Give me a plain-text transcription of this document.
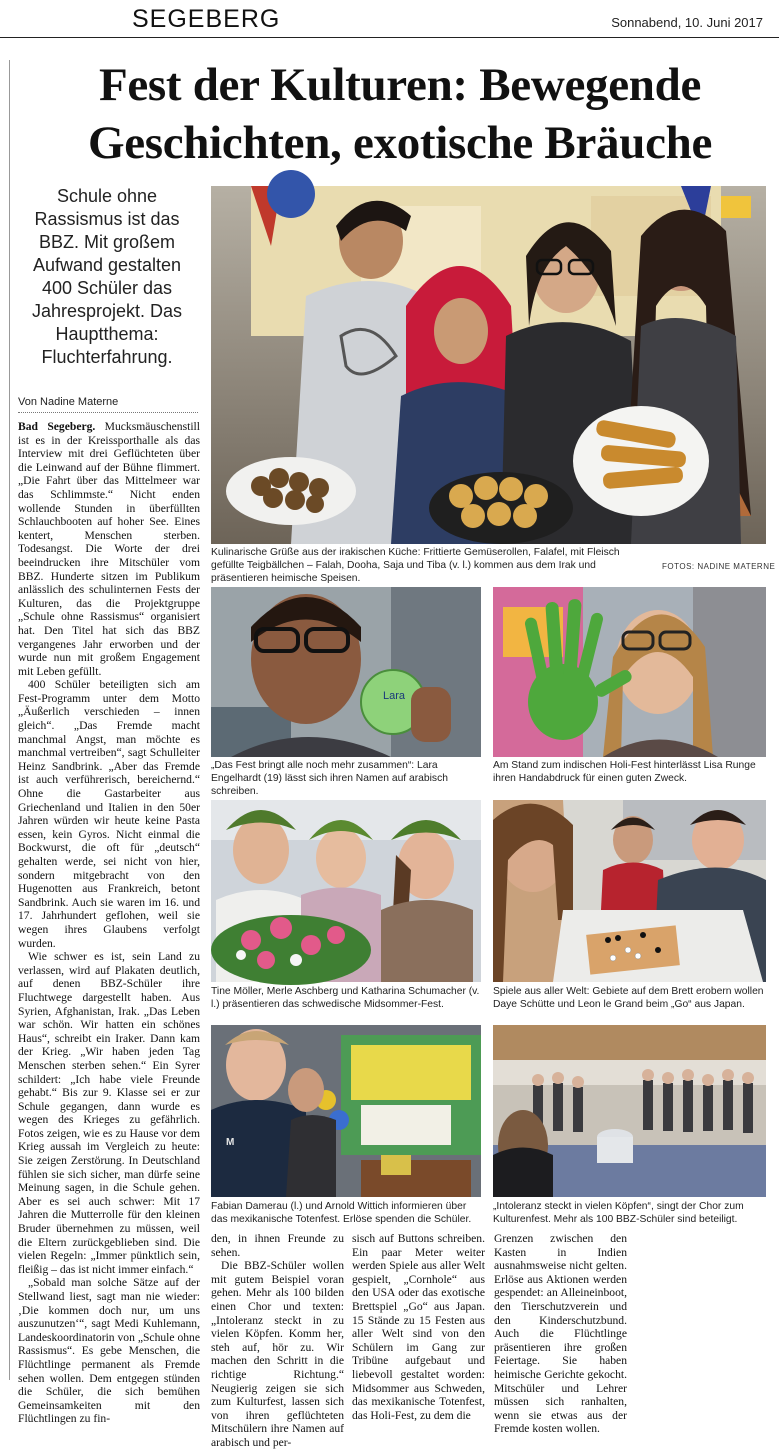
SEGEBERG	Sonnabend, 10. Juni 2017
Fest der Kulturen: Bewegende
Geschichten, exotische Bräuche
Schule ohne Rassismus ist das BBZ. Mit großem Aufwand gestalten 400 Schüler das Jahresprojekt. Das Hauptthema: Fluchterfahrung.
Von Nadine Materne

Bad Segeberg. Mucksmäuschenstill ist es in der Kreissporthalle als das Interview mit drei Geflüchteten über die Leinwand auf der Bühne flimmert. „Die Fahrt über das Mittelmeer war das Schlimmste.“ Nicht enden wollende Stunden in überfüllten Schlauchbooten auf hoher See. Eines kentert, Menschen sterben. Todesangst. Die Worte der drei beeindrucken ihre Mitschüler vom BBZ. Hunderte sitzen im Publikum anlässlich des schulinternen Fests der Kulturen, das die Projektgruppe „Schule ohne Rassismus“ organisiert hat. Den Titel hat sich das BBZ vergangenes Jahr erworben und der wurde nun mit großem Engagement mit Leben gefüllt.

400 Schüler beteiligten sich am Fest-Programm unter dem Motto „Äußerlich verschieden – innen gleich“. „Das Fremde macht manchmal Angst, man möchte es manchmal vertreiben“, sagt Schulleiter Heinz Sandbrink. „Aber das Fremde ist auch verführerisch, bereichernd.“ Ohne die Gastarbeiter aus Griechenland und Italien in den 50er Jahren würden wir heute keine Pasta essen, kein Gyros. Nicht einmal die Bockwurst, die oft für „deutsch“ gehalten werde, sei nicht von hier, sondern mitgebracht von den Hugenotten aus Frankreich, betont Sandbrink. Auch sie waren im 16. und 17. Jahrhundert geflohen, weil sie wegen ihres Glaubens verfolgt wurden.

Wie schwer es ist, sein Land zu verlassen, wird auf Plakaten deutlich, auf denen BBZ-Schüler ihre Fluchtwege dargestellt haben. Aus Syrien, Afghanistan, Irak. „Das Leben war schön. Wir hatten ein schönes Haus“, schreibt ein Iraker. Dann kam der Krieg. „Wir haben jeden Tag Menschen sterben sehen.“ Ein Syrer schildert: „Ich habe viele Freunde gehabt.“ Bis zur 9. Klasse sei er zur Schule gegangen, dann wurde es wegen des Krieges zu gefährlich. Fotos zeigen, wie es zu Hause vor dem Krieg aussah im Vergleich zu heute: Sie zeigen Zerstörung. In Deutschland fühlen sie sich sicher, man dürfe seine Meinung sagen, in die Schule gehen. Aber es sei auch schwer: Mit 17 Jahren die Mutterrolle für den kleinen Bruder übernehmen zu müssen, weil die Eltern zurückgeblieben sind. Die vielen Regeln: „Immer pünktlich sein, fleißig – das ist nicht immer einfach.“

„Sobald man solche Sätze auf der Stellwand liest, sagt man nie wieder: ‚Die kommen doch nur, um uns auszunutzen‘“, sagt Medi Kuhlemann, Landeskoordinatorin von „Schule ohne Rassismus“. Es gebe Menschen, die Flüchtlinge permanent als Fremde sehen wollen. Dem entgegen stünden die Schüler, die sich bemühen Gemeinsamkeiten mit den Flüchtlingen zu fin-

Kulinarische Grüße aus der irakischen Küche: Frittierte Gemüserollen, Falafel, mit Fleisch gefüllte Teigbällchen – Falah, Dooha, Saja und Tiba (v. l.) kommen aus dem Irak und präsentieren heimische Speisen.
FOTOS: NADINE MATERNE
Lara
„Das Fest bringt alle noch mehr zusammen“: Lara Engelhardt (19) lässt sich ihren Namen auf arabisch schreiben.
Am Stand zum indischen Holi-Fest hinterlässt Lisa Runge ihren Handabdruck für einen guten Zweck.
Tine Möller, Merle Aschberg und Katharina Schumacher (v. l.) präsentieren das schwedische Midsommer-Fest.
Spiele aus aller Welt: Gebiete auf dem Brett erobern wollen Daye Schütte und Leon le Grand beim „Go“ aus Japan.
M
Fabian Damerau (l.) und Arnold Wittich informieren über das mexikanische Totenfest. Erlöse spenden die Schüler.
„Intoleranz steckt in vielen Köpfen“, singt der Chor zum Kulturenfest. Mehr als 100 BBZ-Schüler sind beteiligt.

den, in ihnen Freunde zu sehen.

Die BBZ-Schüler wollen mit gutem Beispiel voran gehen. Mehr als 100 bilden einen Chor und texten: „Intoleranz steckt in zu vielen Köpfen. Komm her, steh auf, hör zu. Wir machen den Schritt in die richtige Richtung.“ Neugierig zeigen sie sich zum Kulturfest, lassen sich von ihren geflüchteten Mitschülern ihre Namen auf arabisch und per-

sisch auf Buttons schreiben. Ein paar Meter weiter werden Spiele aus aller Welt gespielt, „Cornhole“ aus den USA oder das exotische Brettspiel „Go“ aus Japan. 15 Stände zu 15 Festen aus aller Welt sind von den Schülern im Gang zur Tribüne aufgebaut und liebevoll gestaltet worden: Midsommer aus Schweden, das mexikanische Totenfest, das Holi-Fest, zu dem die

Grenzen zwischen den Kasten in Indien ausnahmsweise nicht gelten. Erlöse aus Aktionen werden gespendet: an Alleineinboot, den Tierschutzverein und den Kinderschutzbund. Auch die Flüchtlinge präsentieren ihre großen Feiertage. Sie haben heimische Gerichte gekocht. Mitschüler und Lehrer müssen sich ranhalten, wenn sie etwas aus der Fremde kosten wollen.
